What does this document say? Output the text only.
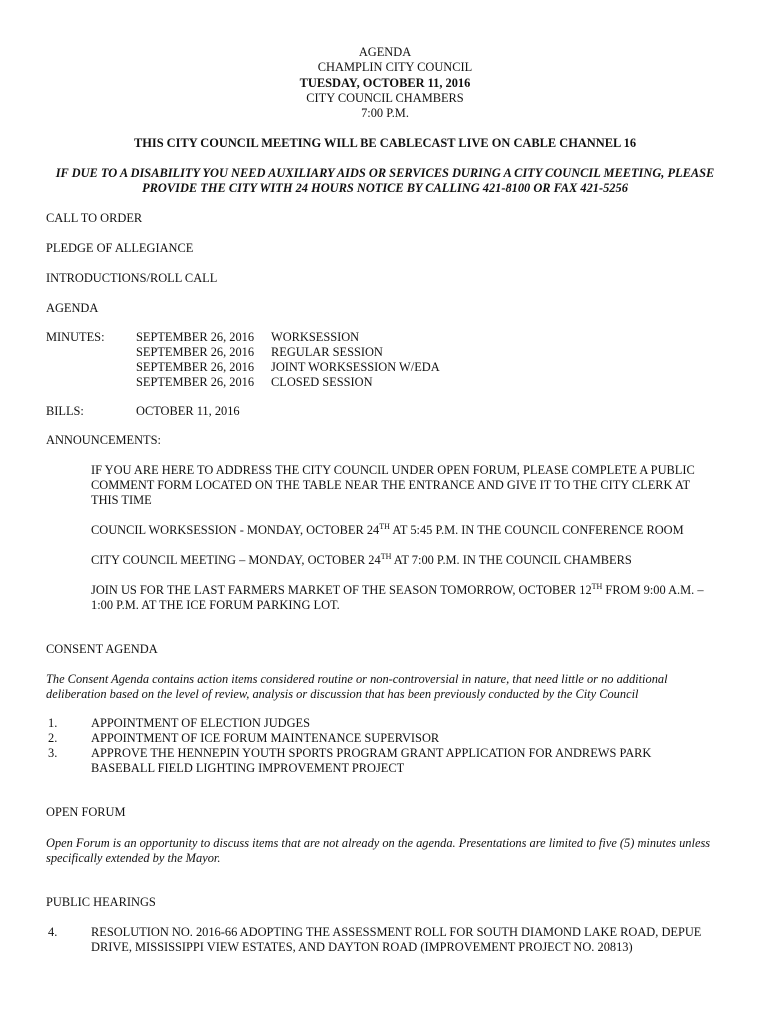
AGENDA
CHAMPLIN CITY COUNCIL
TUESDAY, OCTOBER 11, 2016
CITY COUNCIL CHAMBERS
7:00 P.M.
THIS CITY COUNCIL MEETING WILL BE CABLECAST LIVE ON CABLE CHANNEL 16
IF DUE TO A DISABILITY YOU NEED AUXILIARY AIDS OR SERVICES DURING A CITY COUNCIL MEETING, PLEASE
PROVIDE THE CITY WITH 24 HOURS NOTICE BY CALLING 421-8100 OR FAX 421-5256
CALL TO ORDER
PLEDGE OF ALLEGIANCE
INTRODUCTIONS/ROLL CALL
AGENDA
MINUTES:	SEPTEMBER 26, 2016 WORKSESSION
SEPTEMBER 26, 2016 REGULAR SESSION
SEPTEMBER 26, 2016 JOINT WORKSESSION W/EDA
SEPTEMBER 26, 2016 CLOSED SESSION
BILLS:	OCTOBER 11, 2016
ANNOUNCEMENTS:
IF YOU ARE HERE TO ADDRESS THE CITY COUNCIL UNDER OPEN FORUM, PLEASE COMPLETE A PUBLIC
COMMENT FORM LOCATED ON THE TABLE NEAR THE ENTRANCE AND GIVE IT TO THE CITY CLERK AT
THIS TIME
COUNCIL WORKSESSION - MONDAY, OCTOBER 24TH AT 5:45 P.M. IN THE COUNCIL CONFERENCE ROOM
CITY COUNCIL MEETING – MONDAY, OCTOBER 24TH AT 7:00 P.M. IN THE COUNCIL CHAMBERS
JOIN US FOR THE LAST FARMERS MARKET OF THE SEASON TOMORROW, OCTOBER 12TH FROM 9:00 A.M. –
1:00 P.M. AT THE ICE FORUM PARKING LOT.
CONSENT AGENDA
The Consent Agenda contains action items considered routine or non-controversial in nature, that need little or no additional
deliberation based on the level of review, analysis or discussion that has been previously conducted by the City Council
1.	APPOINTMENT OF ELECTION JUDGES
2.	APPOINTMENT OF ICE FORUM MAINTENANCE SUPERVISOR
3.	APPROVE THE HENNEPIN YOUTH SPORTS PROGRAM GRANT APPLICATION FOR ANDREWS PARK
BASEBALL FIELD LIGHTING IMPROVEMENT PROJECT
OPEN FORUM
Open Forum is an opportunity to discuss items that are not already on the agenda. Presentations are limited to five (5) minutes unless
specifically extended by the Mayor.
PUBLIC HEARINGS
4.	RESOLUTION NO. 2016-66 ADOPTING THE ASSESSMENT ROLL FOR SOUTH DIAMOND LAKE ROAD, DEPUE
DRIVE, MISSISSIPPI VIEW ESTATES, AND DAYTON ROAD (IMPROVEMENT PROJECT NO. 20813)
